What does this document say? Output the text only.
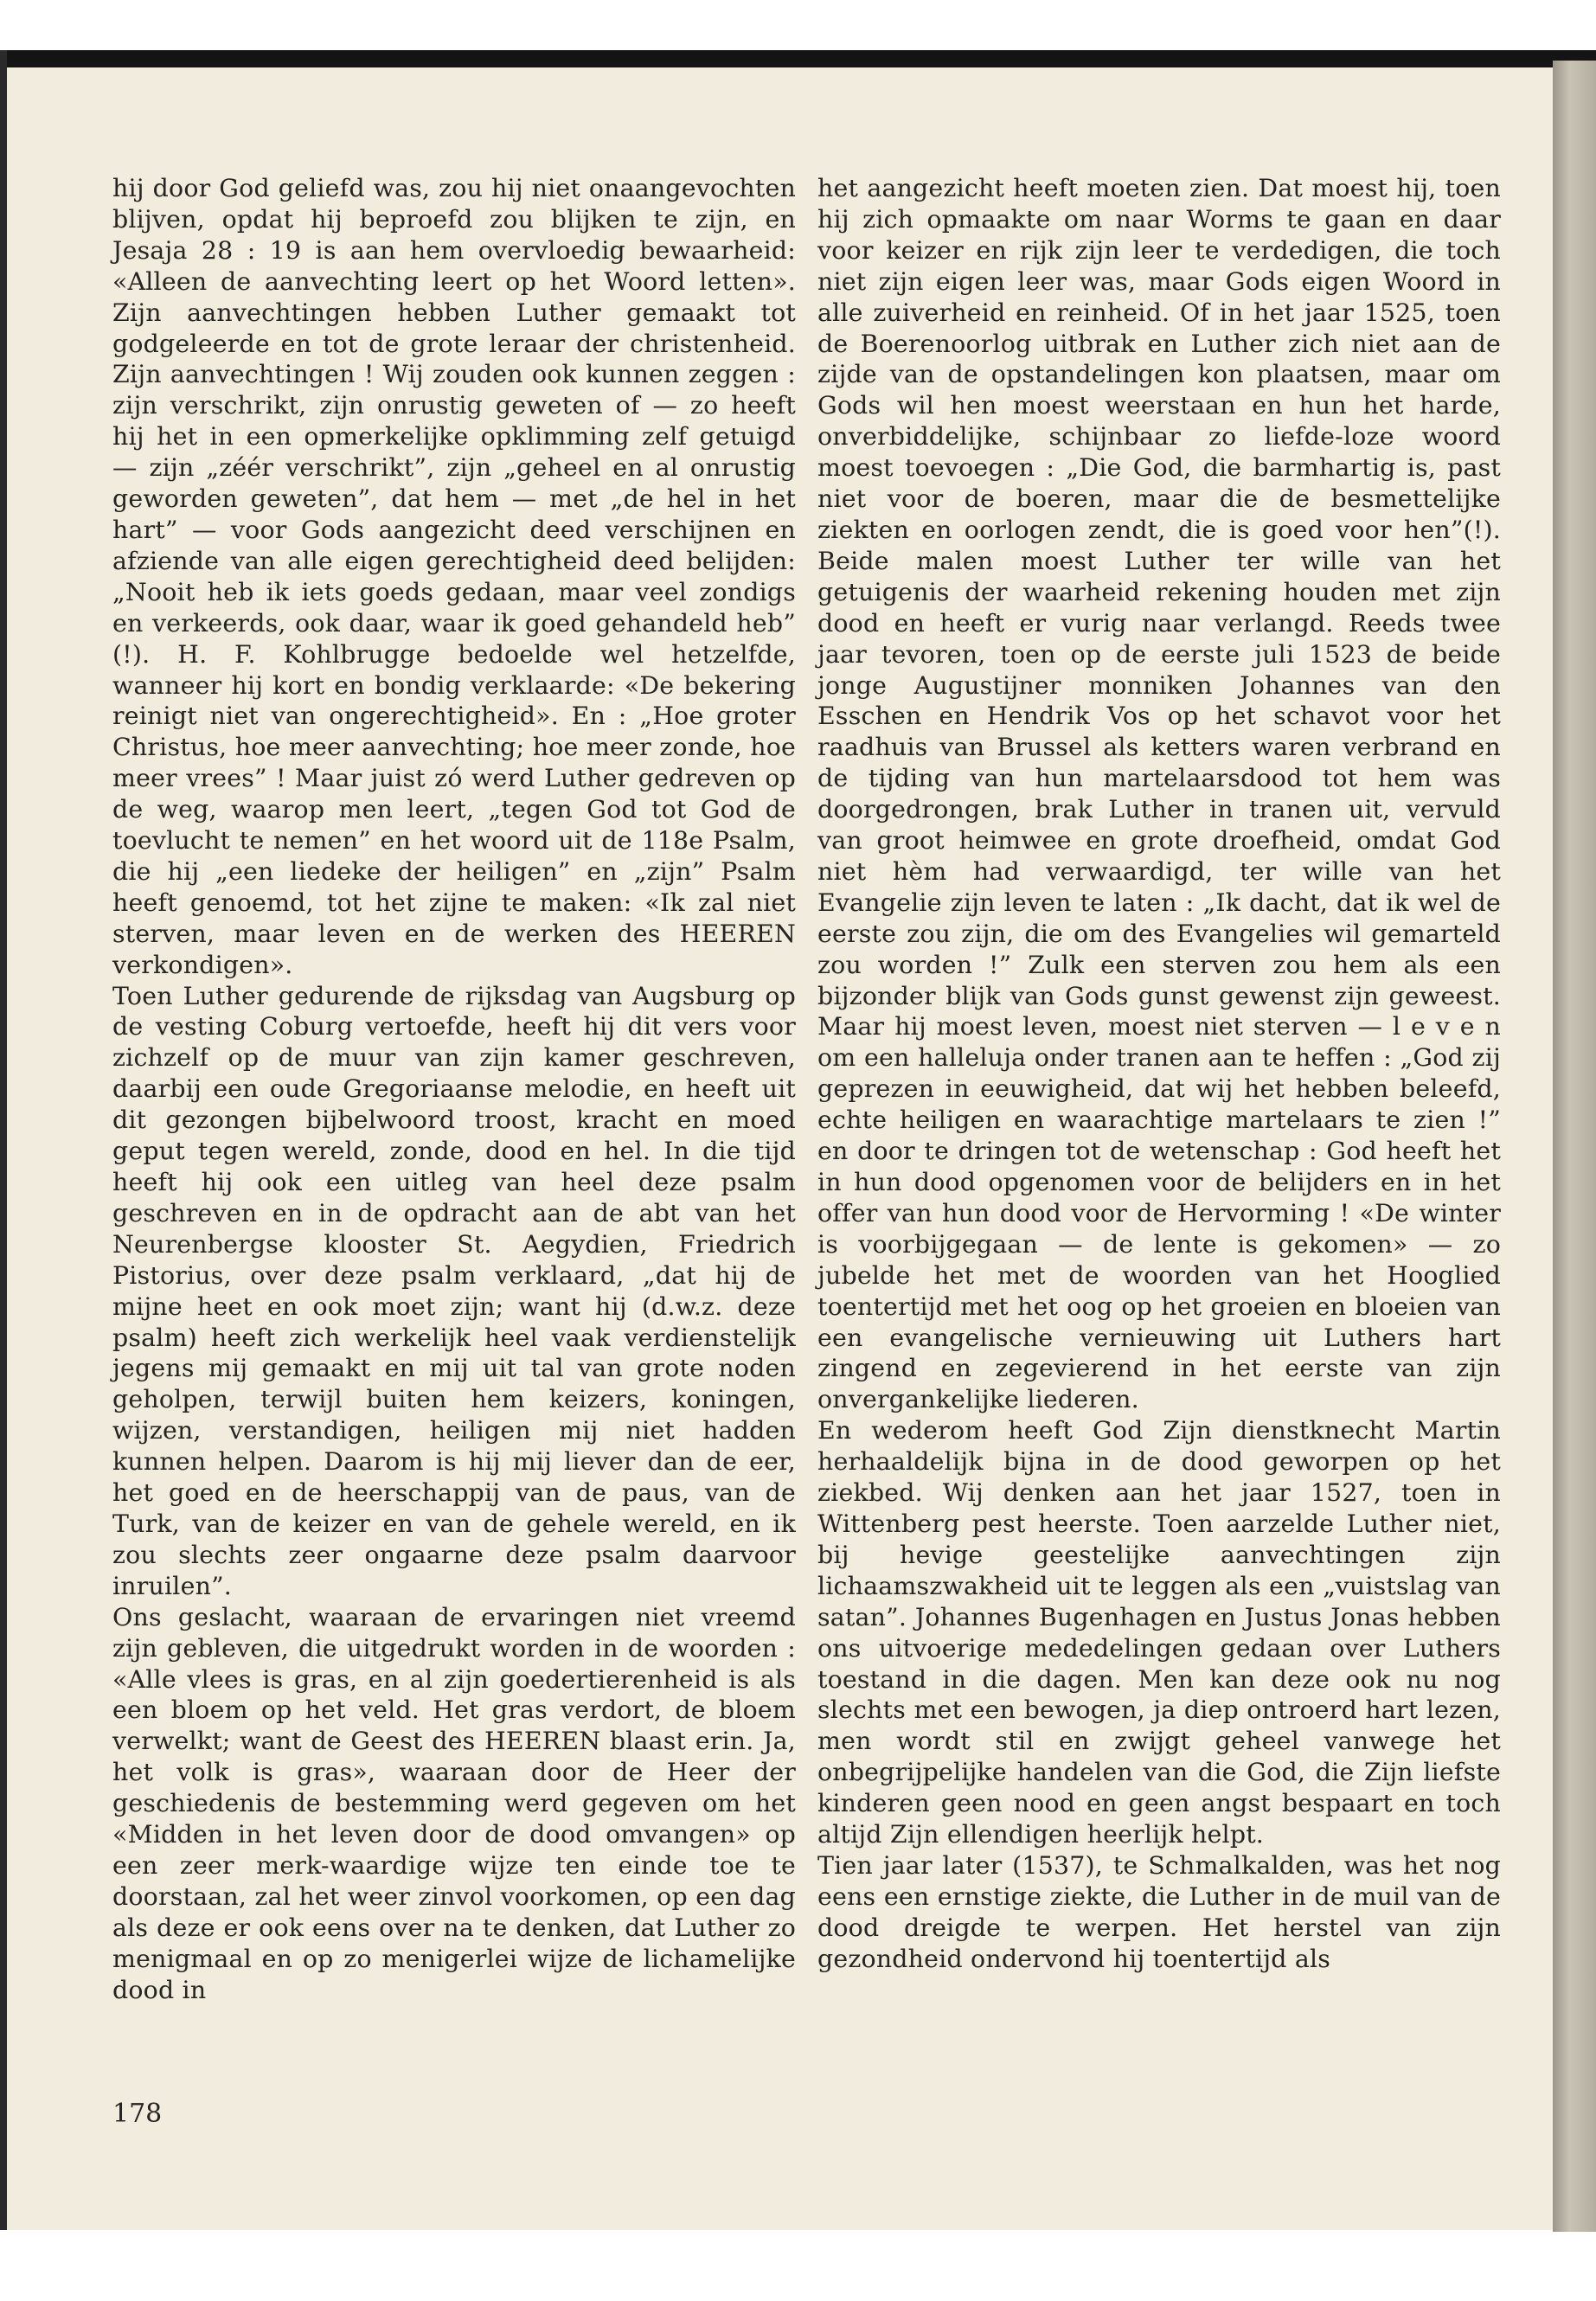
hij door God geliefd was, zou hij niet onaangevochten blijven, opdat hij beproefd zou blijken te zijn, en Jesaja 28 : 19 is aan hem overvloedig bewaarheid: «Alleen de aanvechting leert op het Woord letten». Zijn aanvechtingen hebben Luther gemaakt tot godgeleerde en tot de grote leraar der christenheid. Zijn aanvechtingen ! Wij zouden ook kunnen zeggen : zijn verschrikt, zijn onrustig geweten of — zo heeft hij het in een opmerkelijke opklimming zelf getuigd — zijn „zéér verschrikt”, zijn „geheel en al onrustig geworden geweten”, dat hem — met „de hel in het hart” — voor Gods aangezicht deed verschijnen en afziende van alle eigen gerechtigheid deed belijden: „Nooit heb ik iets goeds gedaan, maar veel zondigs en verkeerds, ook daar, waar ik goed gehandeld heb” (!). H. F. Kohlbrugge bedoelde wel hetzelfde, wanneer hij kort en bondig verklaarde: «De bekering reinigt niet van ongerechtigheid». En : „Hoe groter Christus, hoe meer aanvechting; hoe meer zonde, hoe meer vrees” ! Maar juist zó werd Luther gedreven op de weg, waarop men leert, „tegen God tot God de toevlucht te nemen” en het woord uit de 118e Psalm, die hij „een liedeke der heiligen” en „zijn” Psalm heeft genoemd, tot het zijne te maken: «Ik zal niet sterven, maar leven en de werken des HEEREN verkondigen».

Toen Luther gedurende de rijksdag van Augsburg op de vesting Coburg vertoefde, heeft hij dit vers voor zichzelf op de muur van zijn kamer geschreven, daarbij een oude Gregoriaanse melodie, en heeft uit dit gezongen bijbelwoord troost, kracht en moed geput tegen wereld, zonde, dood en hel. In die tijd heeft hij ook een uitleg van heel deze psalm geschreven en in de opdracht aan de abt van het Neurenbergse klooster St. Aegydien, Friedrich Pistorius, over deze psalm verklaard, „dat hij de mijne heet en ook moet zijn; want hij (d.w.z. deze psalm) heeft zich werkelijk heel vaak verdienstelijk jegens mij gemaakt en mij uit tal van grote noden geholpen, terwijl buiten hem keizers, koningen, wijzen, verstandigen, heiligen mij niet hadden kunnen helpen. Daarom is hij mij liever dan de eer, het goed en de heerschappij van de paus, van de Turk, van de keizer en van de gehele wereld, en ik zou slechts zeer ongaarne deze psalm daarvoor inruilen”.

Ons geslacht, waaraan de ervaringen niet vreemd zijn gebleven, die uitgedrukt worden in de woorden : «Alle vlees is gras, en al zijn goedertierenheid is als een bloem op het veld. Het gras verdort, de bloem verwelkt; want de Geest des HEEREN blaast erin. Ja, het volk is gras», waaraan door de Heer der geschiedenis de bestemming werd gegeven om het «Midden in het leven door de dood omvangen» op een zeer merk-waardige wijze ten einde toe te doorstaan, zal het weer zinvol voorkomen, op een dag als deze er ook eens over na te denken, dat Luther zo menigmaal en op zo menigerlei wijze de lichamelijke dood in

het aangezicht heeft moeten zien. Dat moest hij, toen hij zich opmaakte om naar Worms te gaan en daar voor keizer en rijk zijn leer te verdedigen, die toch niet zijn eigen leer was, maar Gods eigen Woord in alle zuiverheid en reinheid. Of in het jaar 1525, toen de Boerenoorlog uitbrak en Luther zich niet aan de zijde van de opstandelingen kon plaatsen, maar om Gods wil hen moest weerstaan en hun het harde, onverbiddelijke, schijnbaar zo liefde-loze woord moest toevoegen : „Die God, die barmhartig is, past niet voor de boeren, maar die de besmettelijke ziekten en oorlogen zendt, die is goed voor hen”(!). Beide malen moest Luther ter wille van het getuigenis der waarheid rekening houden met zijn dood en heeft er vurig naar verlangd. Reeds twee jaar tevoren, toen op de eerste juli 1523 de beide jonge Augustijner monniken Johannes van den Esschen en Hendrik Vos op het schavot voor het raadhuis van Brussel als ketters waren verbrand en de tijding van hun martelaarsdood tot hem was doorgedrongen, brak Luther in tranen uit, vervuld van groot heimwee en grote droefheid, omdat God niet hèm had verwaardigd, ter wille van het Evangelie zijn leven te laten : „Ik dacht, dat ik wel de eerste zou zijn, die om des Evangelies wil gemarteld zou worden !” Zulk een sterven zou hem als een bijzonder blijk van Gods gunst gewenst zijn geweest. Maar hij moest leven, moest niet sterven — l e v e n om een halleluja onder tranen aan te heffen : „God zij geprezen in eeuwigheid, dat wij het hebben beleefd, echte heiligen en waarachtige martelaars te zien !” en door te dringen tot de wetenschap : God heeft het in hun dood opgenomen voor de belijders en in het offer van hun dood voor de Hervorming ! «De winter is voorbijgegaan — de lente is gekomen» — zo jubelde het met de woorden van het Hooglied toentertijd met het oog op het groeien en bloeien van een evangelische vernieuwing uit Luthers hart zingend en zegevierend in het eerste van zijn onvergankelijke liederen.

En wederom heeft God Zijn dienstknecht Martin herhaaldelijk bijna in de dood geworpen op het ziekbed. Wij denken aan het jaar 1527, toen in Wittenberg pest heerste. Toen aarzelde Luther niet, bij hevige geestelijke aanvechtingen zijn lichaamszwakheid uit te leggen als een „vuistslag van satan”. Johannes Bugenhagen en Justus Jonas hebben ons uitvoerige mededelingen gedaan over Luthers toestand in die dagen. Men kan deze ook nu nog slechts met een bewogen, ja diep ontroerd hart lezen, men wordt stil en zwijgt geheel vanwege het onbegrijpelijke handelen van die God, die Zijn liefste kinderen geen nood en geen angst bespaart en toch altijd Zijn ellendigen heerlijk helpt.

Tien jaar later (1537), te Schmalkalden, was het nog eens een ernstige ziekte, die Luther in de muil van de dood dreigde te werpen. Het herstel van zijn gezondheid ondervond hij toentertijd als

178
